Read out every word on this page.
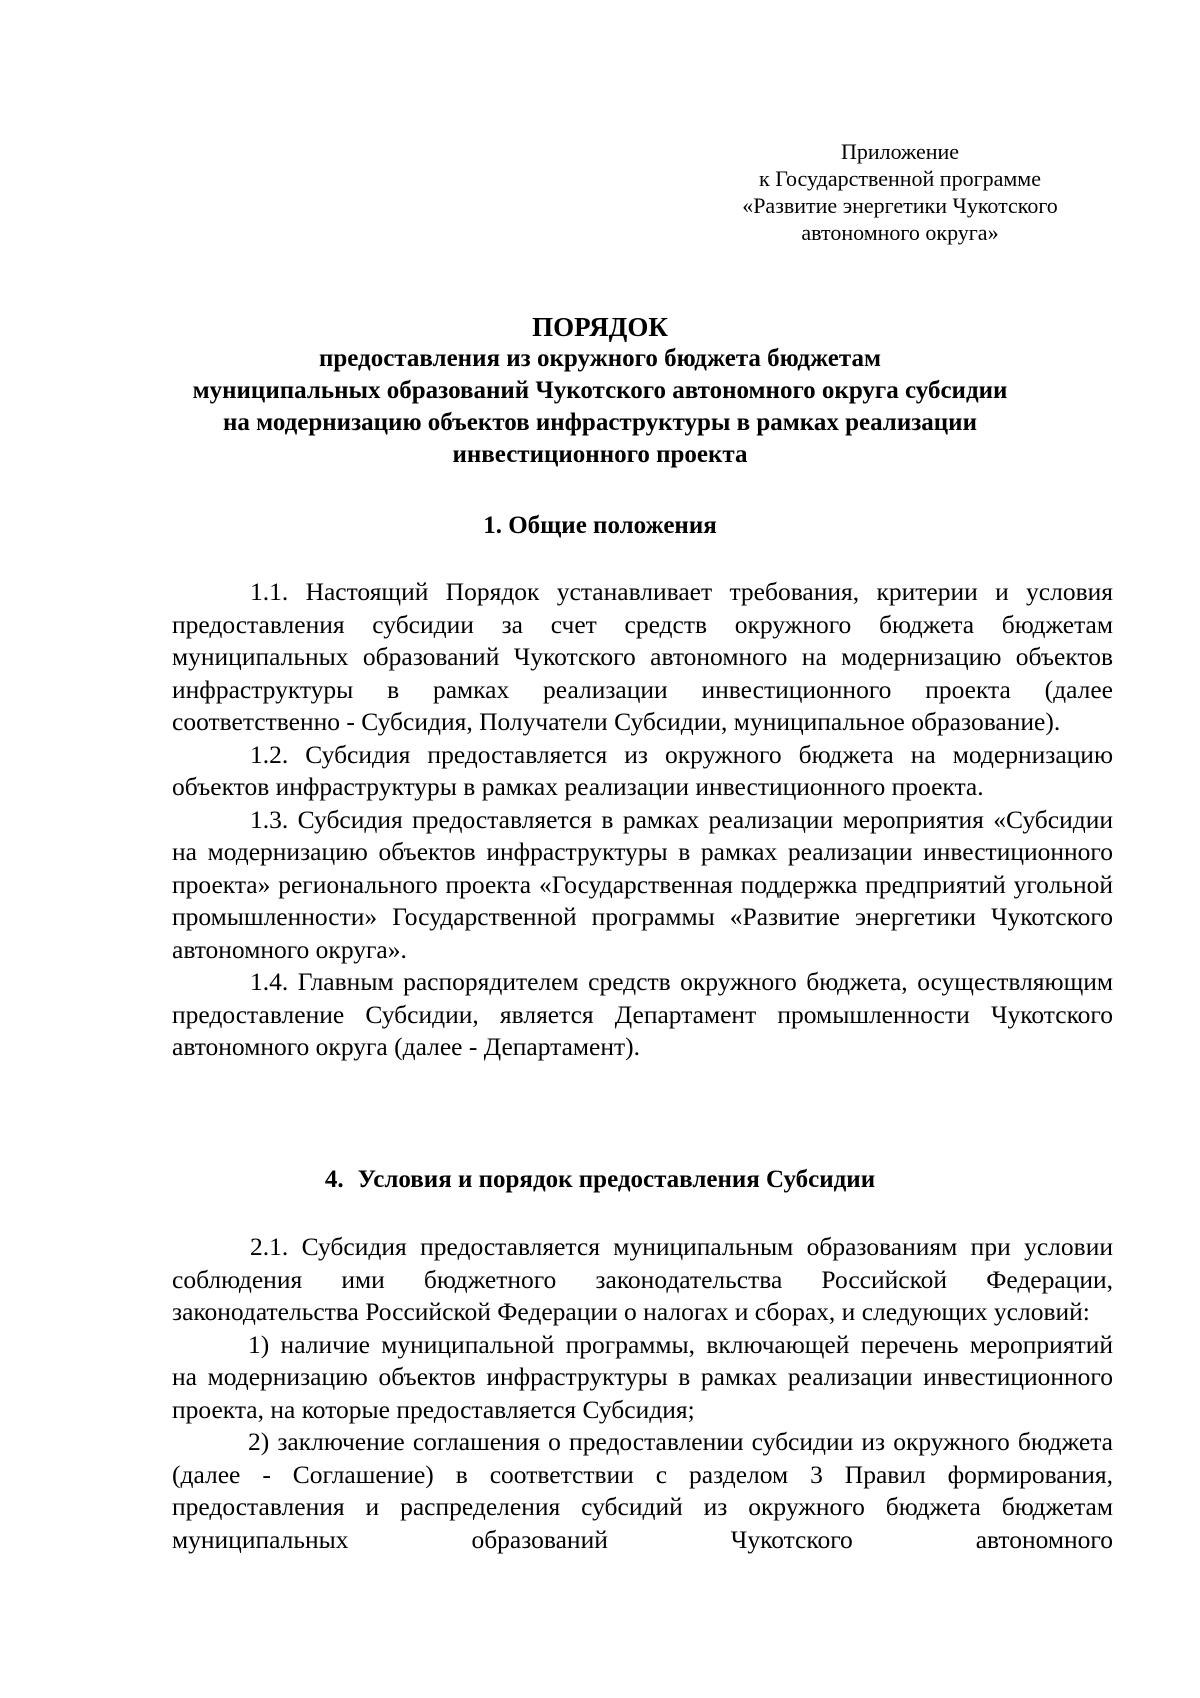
Приложение
к Государственной программе
«Развитие энергетики Чукотского
автономного округа»
ПОРЯДОК
предоставления из окружного бюджета бюджетам
муниципальных образований Чукотского автономного округа субсидии
на модернизацию объектов инфраструктуры в рамках реализации
инвестиционного проекта
1. Общие положения

1.1. Настоящий Порядок устанавливает требования, критерии и условия предоставления субсидии за счет средств окружного бюджета бюджетам муниципальных образований Чукотского автономного на модернизацию объектов инфраструктуры в рамках реализации инвестиционного проекта (далее соответственно - Субсидия, Получатели Субсидии, муниципальное образование).

1.2. Субсидия предоставляется из окружного бюджета на модернизацию объектов инфраструктуры в рамках реализации инвестиционного проекта.

1.3. Субсидия предоставляется в рамках реализации мероприятия «Субсидии на модернизацию объектов инфраструктуры в рамках реализации инвестиционного проекта» регионального проекта «Государственная поддержка предприятий угольной промышленности» Государственной программы «Развитие энергетики Чукотского автономного округа».

1.4. Главным распорядителем средств окружного бюджета, осуществляющим предоставление Субсидии, является Департамент промышленности Чукотского автономного округа (далее - Департамент).

4. Условия и порядок предоставления Субсидии

2.1. Субсидия предоставляется муниципальным образованиям при условии соблюдения ими бюджетного законодательства Российской Федерации, законодательства Российской Федерации о налогах и сборах, и следующих условий:

1) наличие муниципальной программы, включающей перечень мероприятий на модернизацию объектов инфраструктуры в рамках реализации инвестиционного проекта, на которые предоставляется Субсидия;

2) заключение соглашения о предоставлении субсидии из окружного бюджета (далее - Соглашение) в соответствии с разделом 3 Правил формирования, предоставления и распределения субсидий из окружного бюджета бюджетам муниципальных образований Чукотского автономного
